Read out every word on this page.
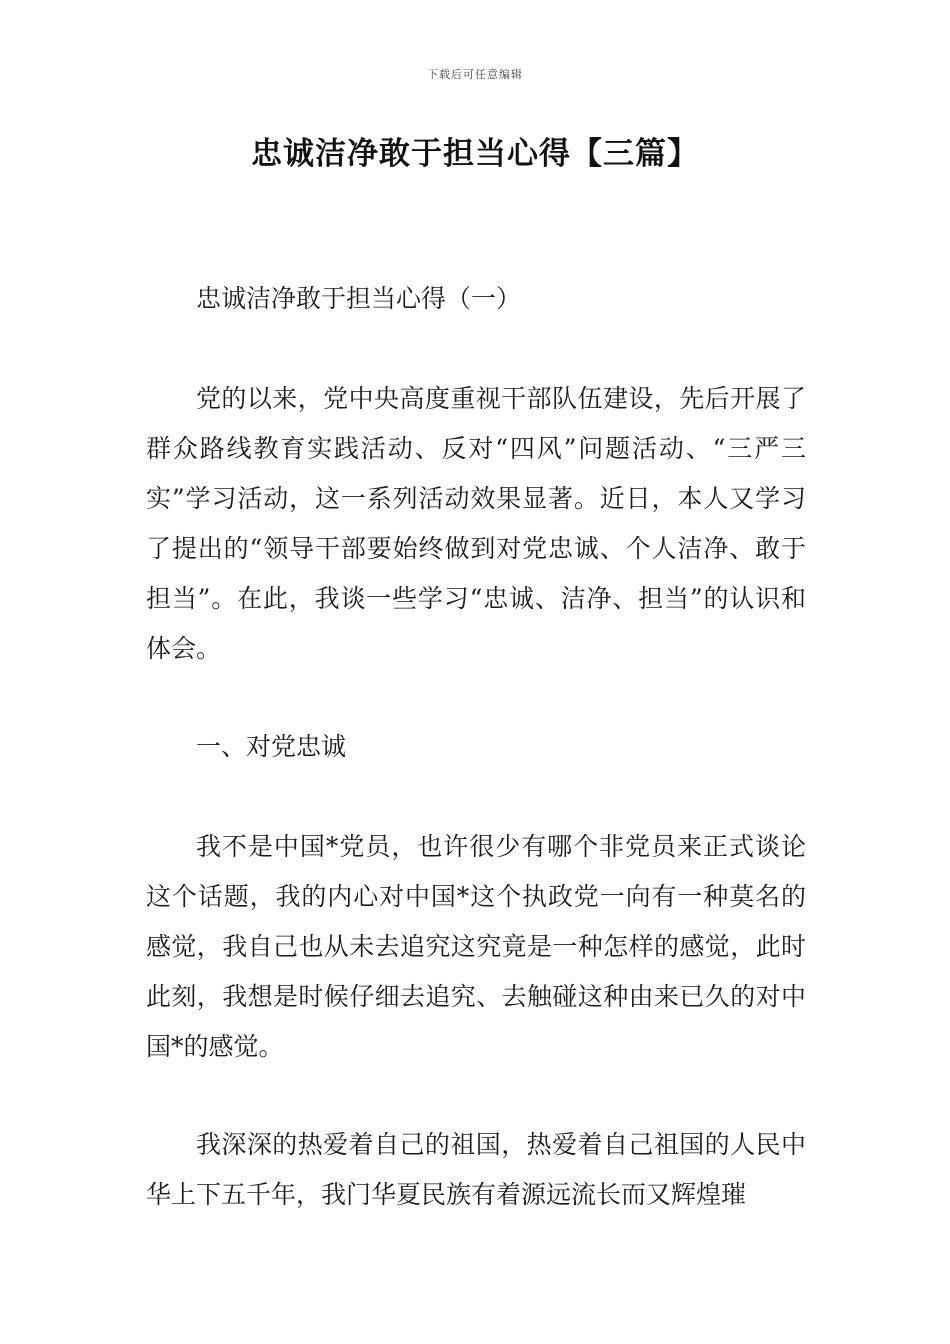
下载后可任意编辑
忠诚洁净敢于担当心得【三篇】

忠诚洁净敢于担当心得（一）

党的以来，党中央高度重视干部队伍建设，先后开展了群众路线教育实践活动、反对“四风”问题活动、“三严三实”学习活动，这一系列活动效果显著。近日，本人又学习了提出的“领导干部要始终做到对党忠诚、个人洁净、敢于担当”。在此，我谈一些学习“忠诚、洁净、担当”的认识和体会。

一、对党忠诚

我不是中国*党员，也许很少有哪个非党员来正式谈论这个话题，我的内心对中国*这个执政党一向有一种莫名的感觉，我自己也从未去追究这究竟是一种怎样的感觉，此时此刻，我想是时候仔细去追究、去触碰这种由来已久的对中国*的感觉。

我深深的热爱着自己的祖国，热爱着自己祖国的人民中华上下五千年，我门华夏民族有着源远流长而又辉煌璀
